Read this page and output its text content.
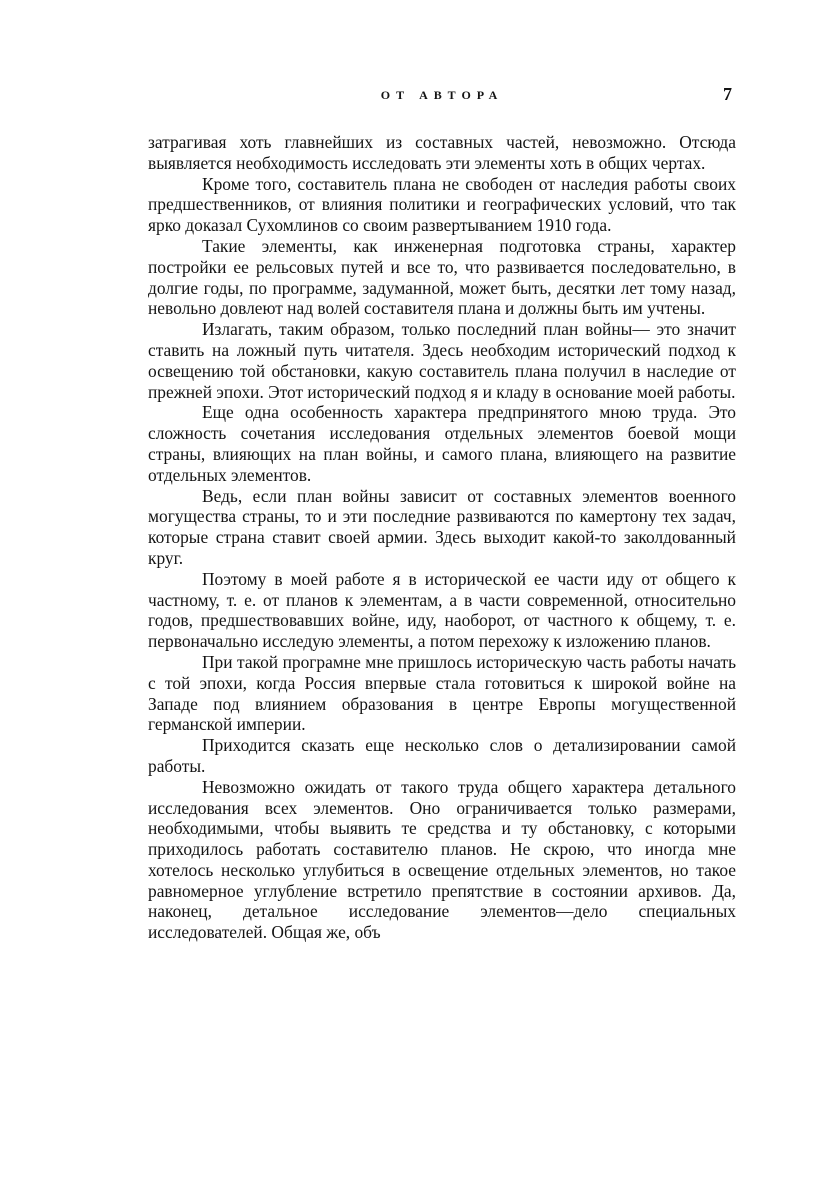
ОТ АВТОРА	7

затрагивая хоть главнейших из составных частей, невозможно. Отсюда выявляется необходимость исследовать эти элементы хоть в общих чертах.

Кроме того, составитель плана не свободен от наследия работы своих предшественников, от влияния политики и географических условий, что так ярко доказал Сухомлинов со своим развертыванием 1910 года.

Такие элементы, как инженерная подготовка страны, характер постройки ее рельсовых путей и все то, что развивается последовательно, в долгие годы, по программе, задуманной, может быть, десятки лет тому назад, невольно довлеют над волей составителя плана и должны быть им учтены.

Излагать, таким образом, только последний план войны— это значит ставить на ложный путь читателя. Здесь необходим исторический подход к освещению той обстановки, какую составитель плана получил в наследие от прежней эпохи. Этот исторический подход я и кладу в основание моей работы.

Еще одна особенность характера предпринятого мною труда. Это сложность сочетания исследования отдельных элементов боевой мощи страны, влияющих на план войны, и самого плана, влияющего на развитие отдельных элементов.

Ведь, если план войны зависит от составных элементов военного могущества страны, то и эти последние развиваются по камертону тех задач, которые страна ставит своей армии. Здесь выходит какой-то заколдованный круг.

Поэтому в моей работе я в исторической ее части иду от общего к частному, т. е. от планов к элементам, а в части современной, относительно годов, предшествовавших войне, иду, наоборот, от частного к общему, т. е. первоначально исследую элементы, а потом перехожу к изложению планов.

При такой програмне мне пришлось историческую часть работы начать с той эпохи, когда Россия впервые стала готовиться к широкой войне на Западе под влиянием образования в центре Европы могущественной германской империи.

Приходится сказать еще несколько слов о детализировании самой работы.

Невозможно ожидать от такого труда общего характера детального исследования всех элементов. Оно ограничивается только размерами, необходимыми, чтобы выявить те средства и ту обстановку, с которыми приходилось работать составителю планов. Не скрою, что иногда мне хотелось несколько углубиться в освещение отдельных элементов, но такое равномерное углубление встретило препятствие в состоянии архивов. Да, наконец, детальное исследование элементов—дело специальных исследователей. Общая же, объ
